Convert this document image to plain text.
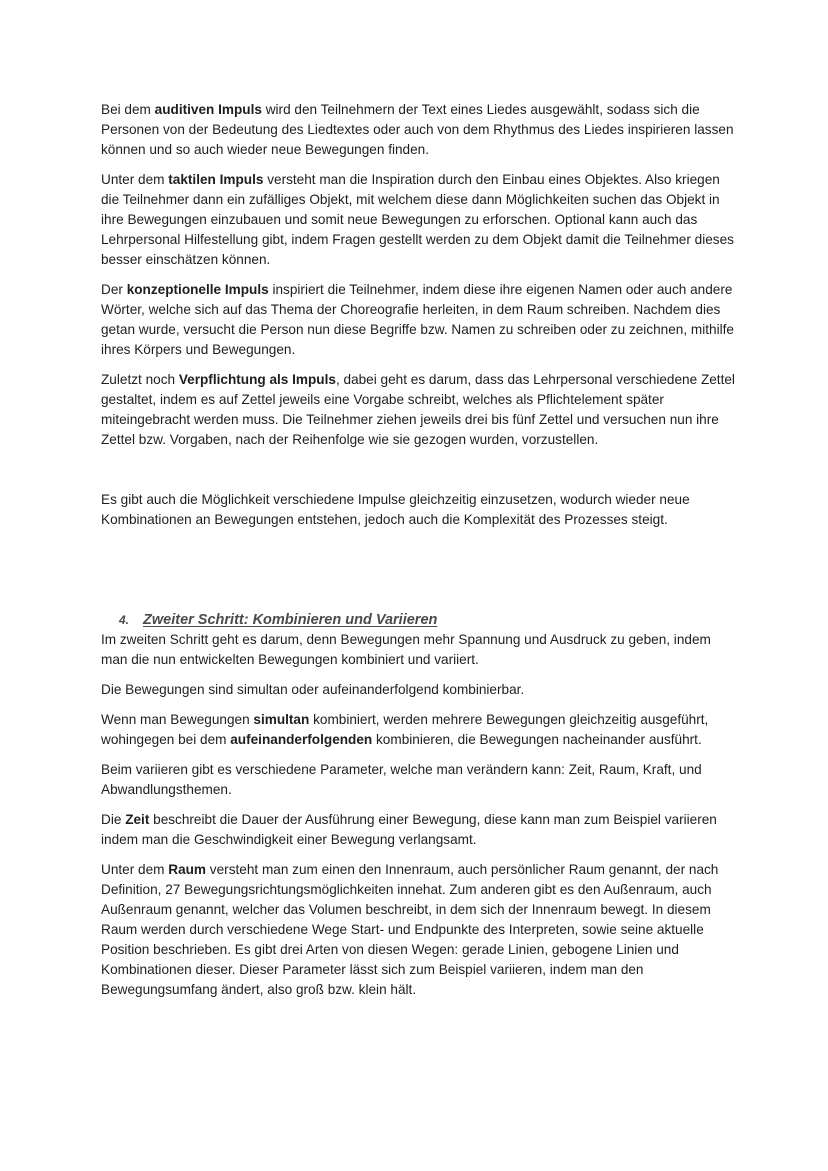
Bei dem auditiven Impuls wird den Teilnehmern der Text eines Liedes ausgewählt, sodass sich die Personen von der Bedeutung des Liedtextes oder auch von dem Rhythmus des Liedes inspirieren lassen können und so auch wieder neue Bewegungen finden.

Unter dem taktilen Impuls versteht man die Inspiration durch den Einbau eines Objektes. Also kriegen die Teilnehmer dann ein zufälliges Objekt, mit welchem diese dann Möglichkeiten suchen das Objekt in ihre Bewegungen einzubauen und somit neue Bewegungen zu erforschen. Optional kann auch das Lehrpersonal Hilfestellung gibt, indem Fragen gestellt werden zu dem Objekt damit die Teilnehmer dieses besser einschätzen können.

Der konzeptionelle Impuls inspiriert die Teilnehmer, indem diese ihre eigenen Namen oder auch andere Wörter, welche sich auf das Thema der Choreografie herleiten, in dem Raum schreiben. Nachdem dies getan wurde, versucht die Person nun diese Begriffe bzw. Namen zu schreiben oder zu zeichnen, mithilfe ihres Körpers und Bewegungen.

Zuletzt noch Verpflichtung als Impuls, dabei geht es darum, dass das Lehrpersonal verschiedene Zettel gestaltet, indem es auf Zettel jeweils eine Vorgabe schreibt, welches als Pflichtelement später miteingebracht werden muss. Die Teilnehmer ziehen jeweils drei bis fünf Zettel und versuchen nun ihre Zettel bzw. Vorgaben, nach der Reihenfolge wie sie gezogen wurden, vorzustellen.

Es gibt auch die Möglichkeit verschiedene Impulse gleichzeitig einzusetzen, wodurch wieder neue Kombinationen an Bewegungen entstehen, jedoch auch die Komplexität des Prozesses steigt.

4. Zweiter Schritt: Kombinieren und Variieren

Im zweiten Schritt geht es darum, denn Bewegungen mehr Spannung und Ausdruck zu geben, indem man die nun entwickelten Bewegungen kombiniert und variiert.

Die Bewegungen sind simultan oder aufeinanderfolgend kombinierbar.

Wenn man Bewegungen simultan kombiniert, werden mehrere Bewegungen gleichzeitig ausgeführt, wohingegen bei dem aufeinanderfolgenden kombinieren, die Bewegungen nacheinander ausführt.

Beim variieren gibt es verschiedene Parameter, welche man verändern kann: Zeit, Raum, Kraft, und Abwandlungsthemen.

Die Zeit beschreibt die Dauer der Ausführung einer Bewegung, diese kann man zum Beispiel variieren indem man die Geschwindigkeit einer Bewegung verlangsamt.

Unter dem Raum versteht man zum einen den Innenraum, auch persönlicher Raum genannt, der nach Definition, 27 Bewegungsrichtungsmöglichkeiten innehat. Zum anderen gibt es den Außenraum, auch Außenraum genannt, welcher das Volumen beschreibt, in dem sich der Innenraum bewegt. In diesem Raum werden durch verschiedene Wege Start- und Endpunkte des Interpreten, sowie seine aktuelle Position beschrieben. Es gibt drei Arten von diesen Wegen: gerade Linien, gebogene Linien und Kombinationen dieser. Dieser Parameter lässt sich zum Beispiel variieren, indem man den Bewegungsumfang ändert, also groß bzw. klein hält.
